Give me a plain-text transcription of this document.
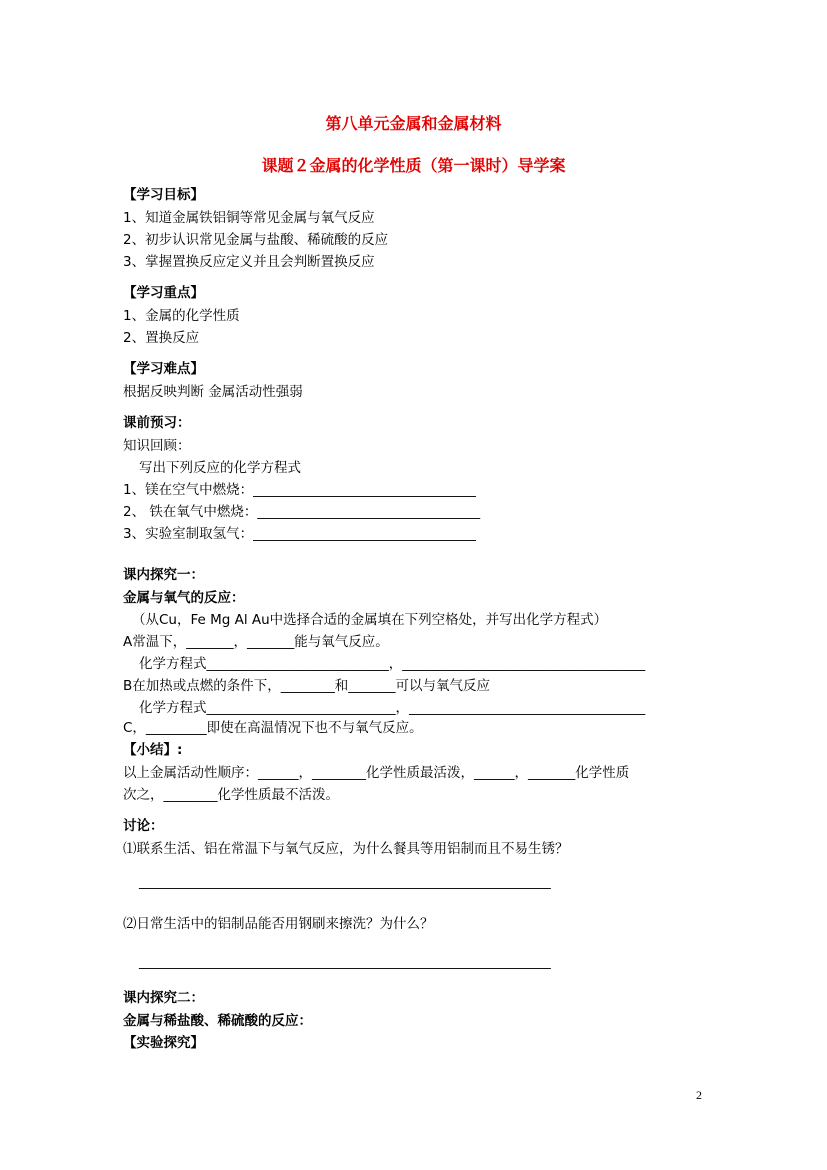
第八单元金属和金属材料
课题２金属的化学性质（第一课时）导学案
【学习目标】
1、知道金属铁铝铜等常见金属与氧气反应
2、初步认识常见金属与盐酸、稀硫酸的反应
3、掌握置换反应定义并且会判断置换反应
【学习重点】
1、金属的化学性质
2、置换反应
【学习难点】
根据反映判断 金属活动性强弱
课前预习：
知识回顾：
写出下列反应的化学方程式
1、镁在空气中燃烧：_________________________________
2、 铁在氧气中燃烧：_________________________________
3、实验室制取氢气：_________________________________
课内探究一：
金属与氧气的反应：
（从Cu，Fe Mg Al Au中选择合适的金属填在下列空格处，并写出化学方程式）
A常温下，_______，_______能与氧气反应。
化学方程式___________________________，____________________________________
B在加热或点燃的条件下，________和_______可以与氧气反应
化学方程式____________________________，___________________________________
C，_________即使在高温情况下也不与氧气反应。
【小结】:
以上金属活动性顺序：______，________化学性质最活泼，______，_______化学性质
次之，________化学性质最不活泼。
讨论：
⑴联系生活、铝在常温下与氧气反应，为什么餐具等用铝制而且不易生锈？
_____________________________________________________________
⑵日常生活中的铝制品能否用钢刷来擦洗？为什么？
_____________________________________________________________
课内探究二：
金属与稀盐酸、稀硫酸的反应：
【实验探究】
2
